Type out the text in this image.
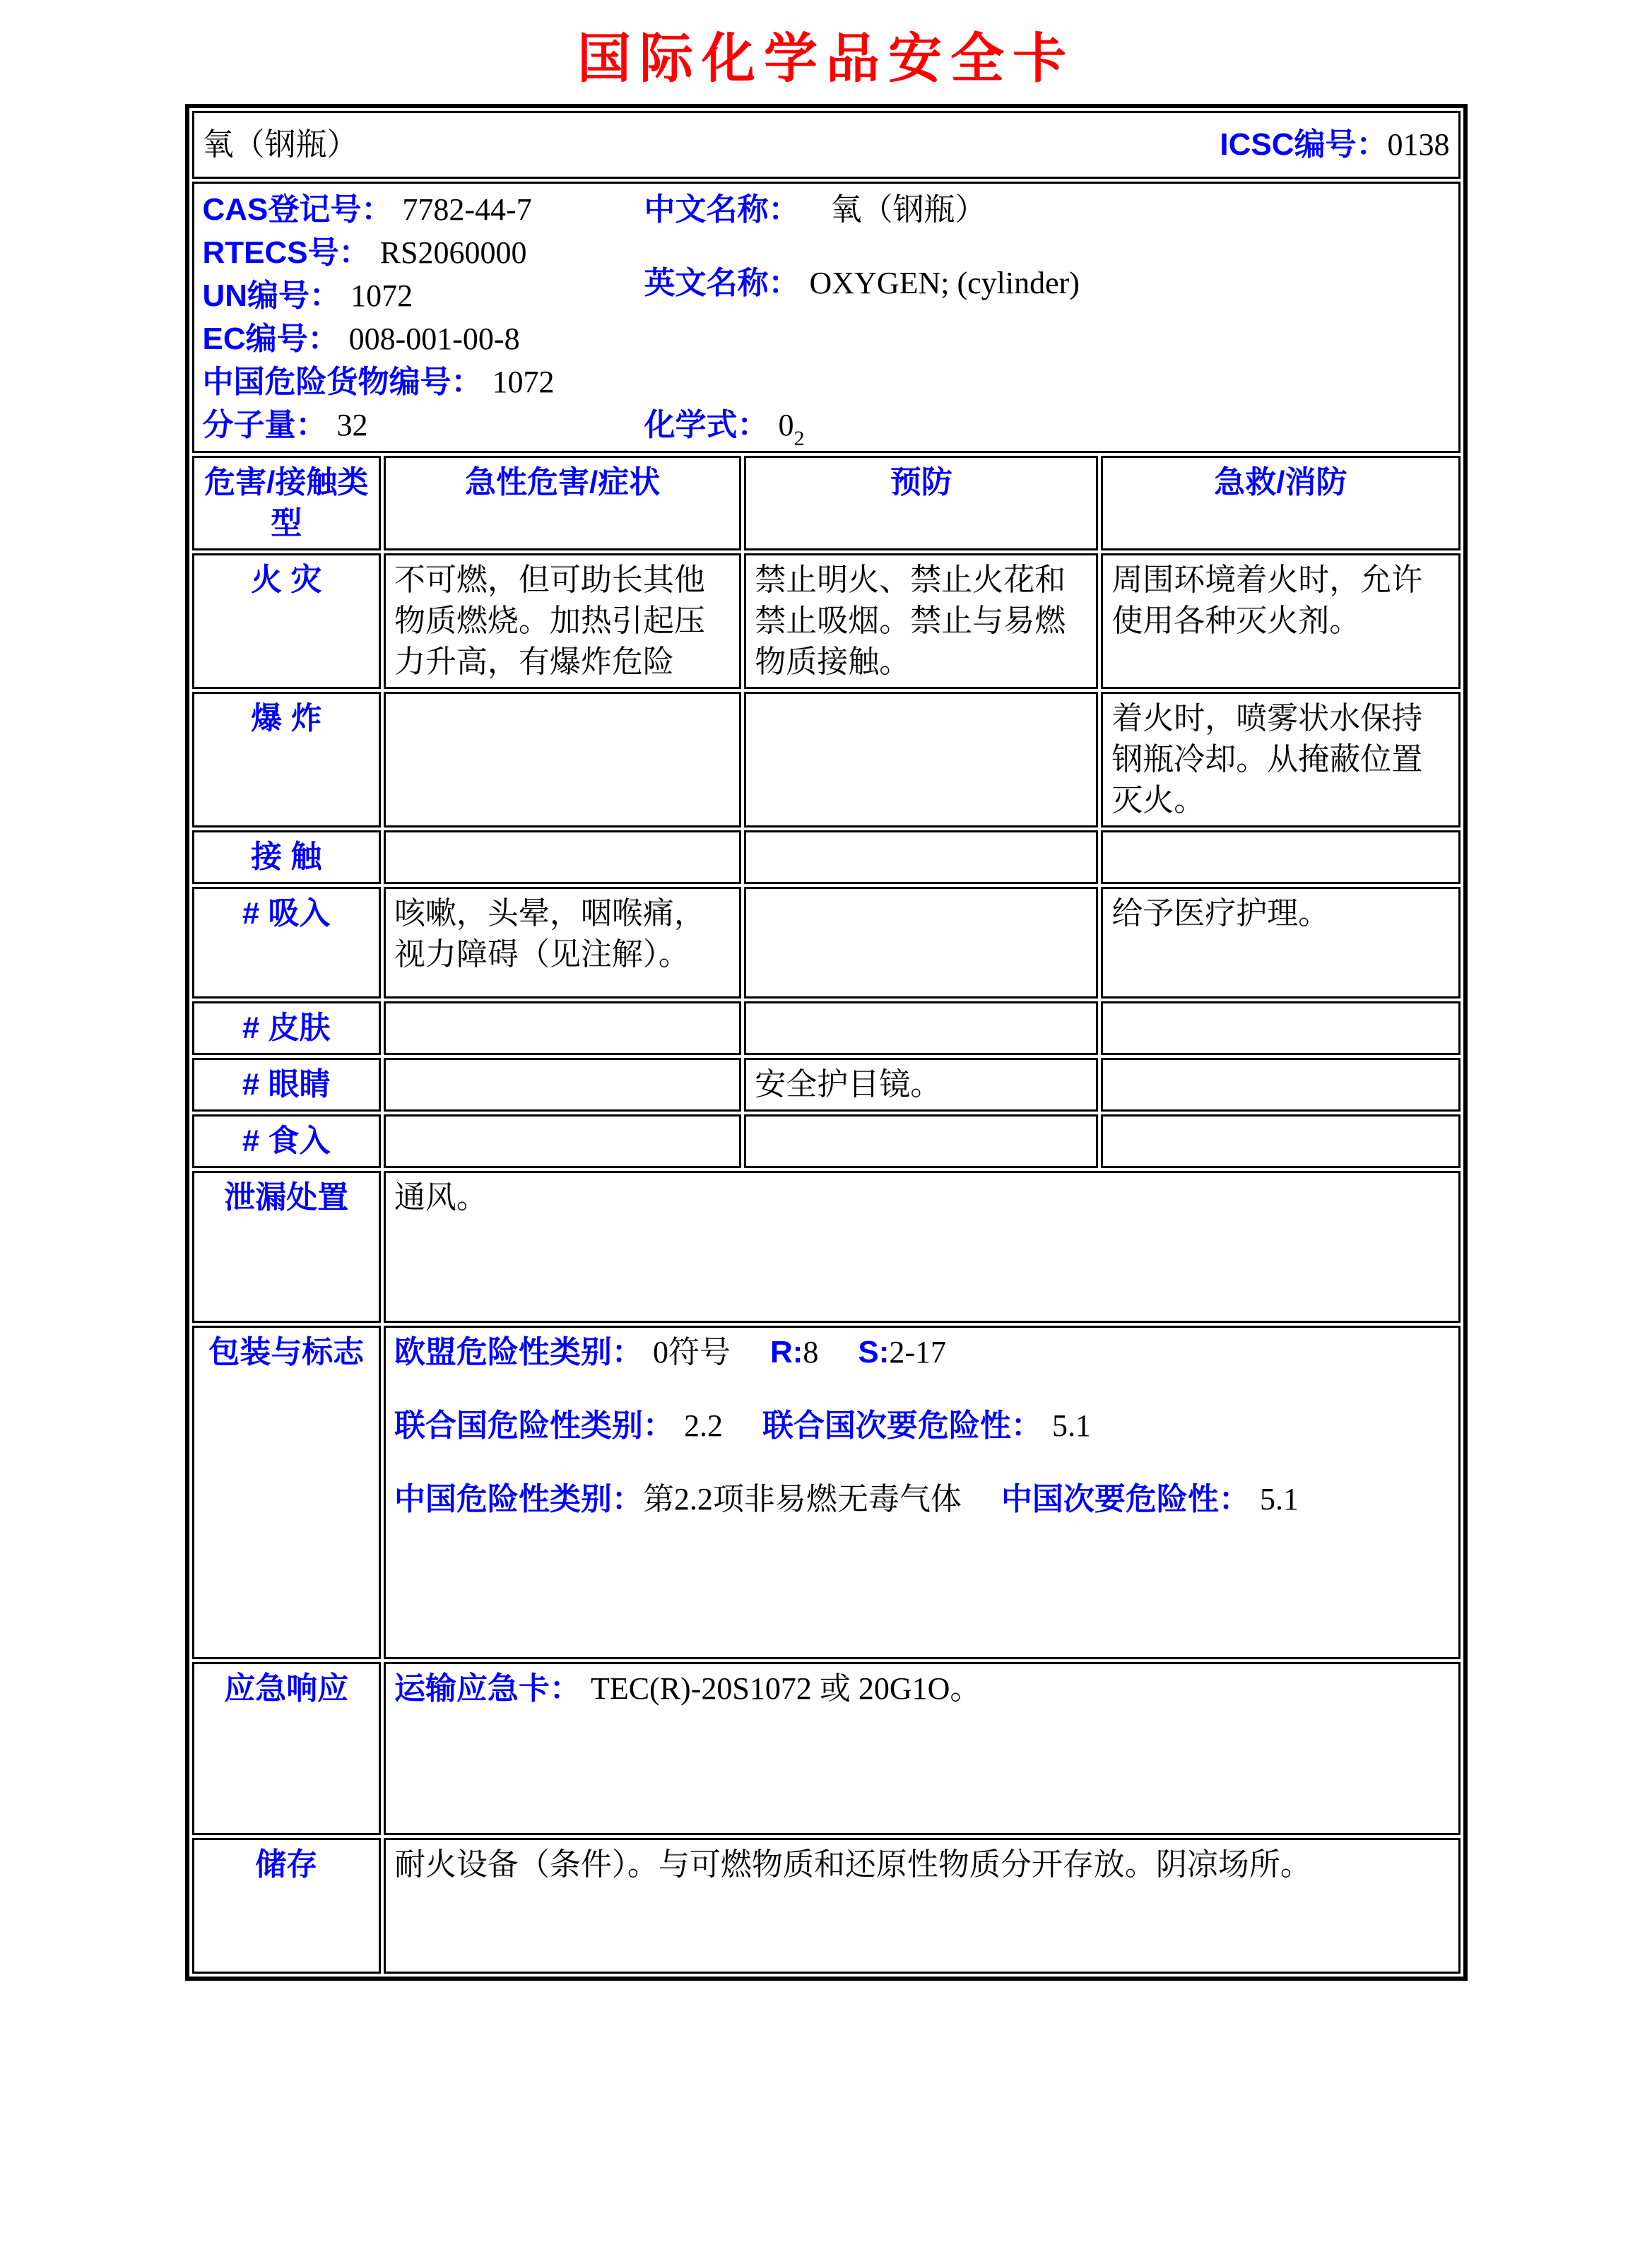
国际化学品安全卡
氧（钢瓶） ICSC编号：0138			

CAS登记号： 7782-44-7
RTECS号： RS2060000
UN编号： 1072
EC编号： 008-001-00-8
中国危险货物编号： 1072
分子量： 32
中文名称： 氧（钢瓶）
英文名称： OXYGEN; (cylinder)
化学式： $0_2$

危害/接触类型	急性危害/症状	预防	急救/消防
火 灾	不可燃，但可助长其他物质燃烧。加热引起压力升高，有爆炸危险	禁止明火、禁止火花和禁止吸烟。禁止与易燃物质接触。	周围环境着火时，允许使用各种灭火剂。
爆 炸			着火时，喷雾状水保持钢瓶冷却。从掩蔽位置灭火。
接 触			
# 吸入	咳嗽，头晕，咽喉痛，视力障碍（见注解）。		给予医疗护理。
# 皮肤			
# 眼睛		安全护目镜。	
# 食入			
泄漏处置	通风。		
包装与标志	欧盟危险性类别： 0符号 R:8 S:2-17

联合国危险性类别： 2.2 联合国次要危险性： 5.1

中国危险性类别：第2.2项非易燃无毒气体 中国次要危险性： 5.1		

应急响应	运输应急卡： TEC(R)-20S1072 或 20G1O。		
储存	耐火设备（条件）。与可燃物质和还原性物质分开存放。阴凉场所。		
